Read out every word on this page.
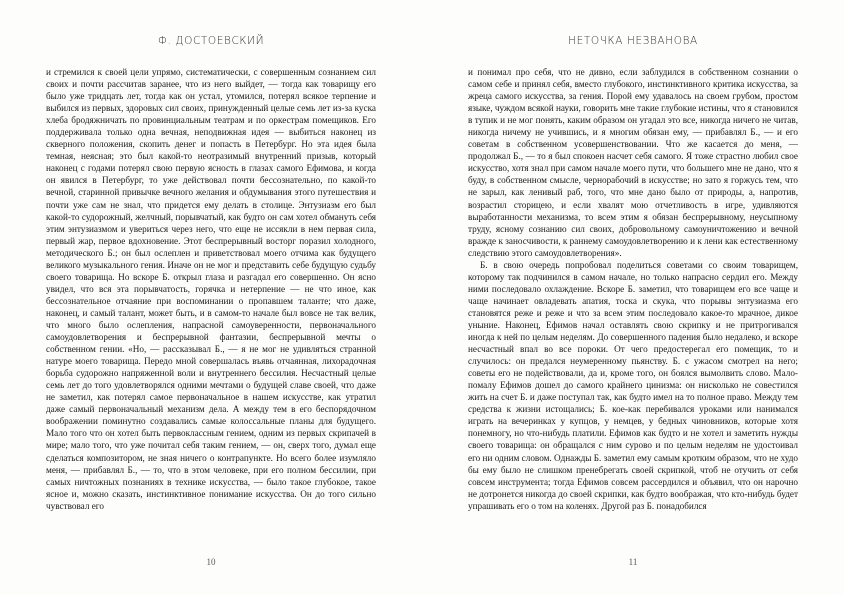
Ф. ДОСТОЕВСКИЙ

и стремился к своей цели упрямо, систематически, с совершенным сознанием сил своих и почти рассчитав заранее, что из него выйдет, — тогда как товарищу его было уже тридцать лет, тогда как он устал, утомился, потерял всякое терпение и выбился из первых, здоровых сил своих, принужденный целые семь лет из-за куска хлеба бродяжничать по провинциальным театрам и по оркестрам помещиков. Его поддерживала только одна вечная, неподвижная идея — выбиться наконец из скверного положения, скопить денег и попасть в Петербург. Но эта идея была темная, неясная; это был какой-то неотразимый внутренний призыв, который наконец с годами потерял свою первую ясность в глазах самого Ефимова, и когда он явился в Петербург, то уже действовал почти бессознательно, по какой-то вечной, старинной привычке вечного желания и обдумывания этого путешествия и почти уже сам не знал, что придется ему делать в столице. Энтузиазм его был какой-то судорожный, желчный, порывчатый, как будто он сам хотел обмануть себя этим энтузиазмом и увериться через него, что еще не иссякли в нем первая сила, первый жар, первое вдохновение. Этот беспрерывный восторг поразил холодного, методического Б.; он был ослеплен и приветствовал моего отчима как будущего великого музыкального гения. Иначе он не мог и представить себе будущую судьбу своего товарища. Но вскоре Б. открыл глаза и разгадал его совершенно. Он ясно увидел, что вся эта порывчатость, горячка и нетерпение — не что иное, как бессознательное отчаяние при воспоминании о пропавшем таланте; что даже, наконец, и самый талант, может быть, и в самом-то начале был вовсе не так велик, что много было ослепления, напрасной самоуверенности, первоначального самоудовлетворения и беспрерывной фантазии, беспрерывной мечты о собственном гении. «Но, — рассказывал Б., — я не мог не удивляться странной натуре моего товарища. Передо мной совершалась въявь отчаянная, лихорадочная борьба судорожно напряженной воли и внутреннего бессилия. Несчастный целые семь лет до того удовлетворялся одними мечтами о будущей славе своей, что даже не заметил, как потерял самое первоначальное в нашем искусстве, как утратил даже самый первоначальный механизм дела. А между тем в его беспорядочном воображении поминутно создавались самые колоссальные планы для будущего. Мало того что он хотел быть первоклассным гением, одним из первых скрипачей в мире; мало того, что уже почитал себя таким гением, — он, сверх того, думал еще сделаться композитором, не зная ничего о контрапункте. Но всего более изумляло меня, — прибавлял Б., — то, что в этом человеке, при его полном бессилии, при самых ничтожных познаниях в технике искусства, — было такое глубокое, такое ясное и, можно сказать, инстинктивное понимание искусства. Он до того сильно чувствовал его

10
НЕТОЧКА НЕЗВАНОВА

и понимал про себя, что не дивно, если заблудился в собственном сознании о самом себе и принял себя, вместо глубокого, инстинктивного критика искусства, за жреца самого искусства, за гения. Порой ему удавалось на своем грубом, простом языке, чуждом всякой науки, говорить мне такие глубокие истины, что я становился в тупик и не мог понять, каким образом он угадал это все, никогда ничего не читав, никогда ничему не учившись, и я многим обязан ему, — прибавлял Б., — и его советам в собственном усовершенствовании. Что же касается до меня, — продолжал Б., — то я был спокоен насчет себя самого. Я тоже страстно любил свое искусство, хотя знал при самом начале моего пути, что большего мне не дано, что я буду, в собственном смысле, чернорабочий в искусстве; но зато я горжусь тем, что не зарыл, как ленивый раб, того, что мне дано было от природы, а, напротив, возрастил сторицею, и если хвалят мою отчетливость в игре, удивляются выработанности механизма, то всем этим я обязан беспрерывному, неусыпному труду, ясному сознанию сил своих, добровольному самоуничтожению и вечной вражде к заносчивости, к раннему самоудовлетворению и к лени как естественному следствию этого самоудовлетворения».

Б. в свою очередь попробовал поделиться советами со своим товарищем, которому так подчинился в самом начале, но только напрасно сердил его. Между ними последовало охлаждение. Вскоре Б. заметил, что товарищем его все чаще и чаще начинает овладевать апатия, тоска и скука, что порывы энтузиазма его становятся реже и реже и что за всем этим последовало какое-то мрачное, дикое уныние. Наконец, Ефимов начал оставлять свою скрипку и не притрогивался иногда к ней по целым неделям. До совершенного падения было недалеко, и вскоре несчастный впал во все пороки. От чего предостерегал его помещик, то и случилось: он предался неумеренному пьянству. Б. с ужасом смотрел на него; советы его не подействовали, да и, кроме того, он боялся вымолвить слово. Мало-помалу Ефимов дошел до самого крайнего цинизма: он нисколько не совестился жить на счет Б. и даже поступал так, как будто имел на то полное право. Между тем средства к жизни истощались; Б. кое-как перебивался уроками или нанимался играть на вечеринках у купцов, у немцев, у бедных чиновников, которые хотя понемногу, но что-нибудь платили. Ефимов как будто и не хотел и заметить нужды своего товарища: он обращался с ним сурово и по целым неделям не удостоивал его ни одним словом. Однажды Б. заметил ему самым кротким образом, что не худо бы ему было не слишком пренебрегать своей скрипкой, чтоб не отучить от себя совсем инструмента; тогда Ефимов совсем рассердился и объявил, что он нарочно не дотронется никогда до своей скрипки, как будто воображая, что кто-нибудь будет упрашивать его о том на коленях. Другой раз Б. понадобился

11
